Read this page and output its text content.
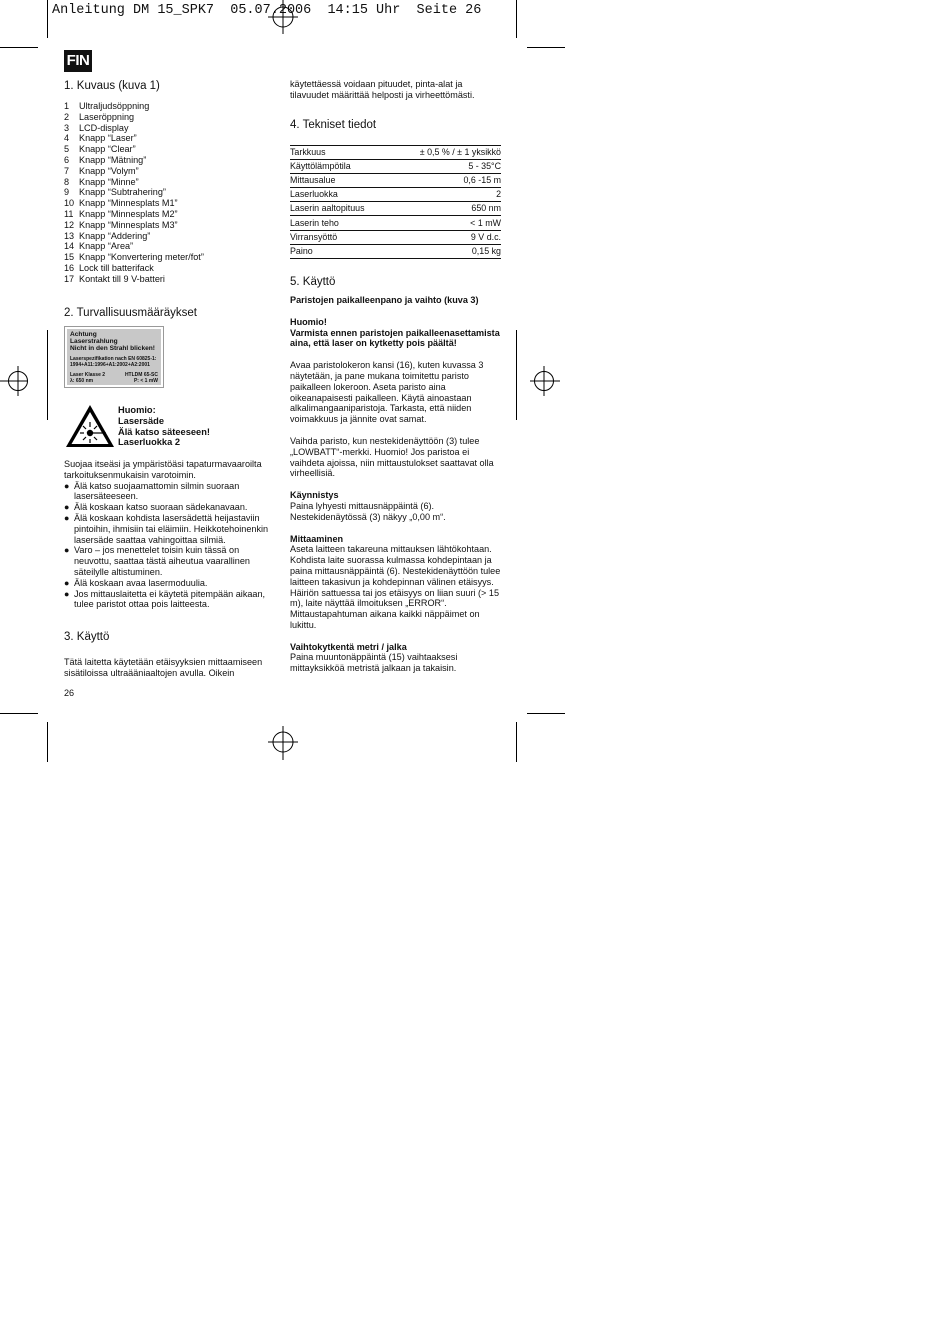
Anleitung DM 15_SPK7  05.07.2006  14:15 Uhr  Seite 26
FIN
1. Kuvaus (kuva 1)
1	Ultraljudsöppning
2	Laseröppning
3	LCD-display
4	Knapp “Laser”
5	Knapp “Clear”
6	Knapp “Mätning”
7	Knapp “Volym”
8	Knapp “Minne”
9	Knapp “Subtrahering”
10 Knapp “Minnesplats M1”
11 Knapp “Minnesplats M2”
12 Knapp “Minnesplats M3”
13 Knapp “Addering”
14 Knapp “Area”
15 Knapp “Konvertering meter/fot”
16 Lock till batterifack
17 Kontakt till 9 V-batteri
2. Turvallisuusmääräykset
Achtung
Laserstrahlung
Nicht in den Strahl blicken!
Laserspezifikation nach EN 60825-1:
1994+A11:1996+A1:2002+A2:2001
Laser Klasse 2	HTLDM 65-SC
λ: 650 nm	P: < 1 mW
Huomio:
Lasersäde
Älä katso säteeseen!
Laserluokka 2

Suojaa itseäsi ja ympäristöäsi tapaturmavaaroilta tarkoituksenmukaisin varotoimin.

● Älä katso suojaamattomin silmin suoraan lasersäteeseen.
● Älä koskaan katso suoraan sädekanavaan.
● Älä koskaan kohdista lasersädettä heijastaviin pintoihin, ihmisiin tai eläimiin. Heikkotehoinenkin lasersäde saattaa vahingoittaa silmiä.
● Varo – jos menettelet toisin kuin tässä on neuvottu, saattaa tästä aiheutua vaarallinen säteilylle altistuminen.
● Älä koskaan avaa lasermoduulia.
● Jos mittauslaitetta ei käytetä pitempään aikaan, tulee paristot ottaa pois laitteesta.
3. Käyttö

Tätä laitetta käytetään etäisyyksien mittaamiseen sisätiloissa ultraääniaaltojen avulla. Oikein

26

käytettäessä voidaan pituudet, pinta-alat ja tilavuudet määrittää helposti ja virheettömästi.

4. Tekniset tiedot
Tarkkuus	± 0,5 % / ± 1 yksikkö
Käyttölämpötila	5 - 35°C
Mittausalue	0,6 -15 m
Laserluokka	2
Laserin aaltopituus	650 nm
Laserin teho	< 1 mW
Virransyöttö	9 V d.c.
Paino	0,15 kg
5. Käyttö

Paristojen paikalleenpano ja vaihto (kuva 3)

Huomio!

Varmista ennen paristojen paikalleenasettamista aina, että laser on kytketty pois päältä!

Avaa paristolokeron kansi (16), kuten kuvassa 3 näytetään, ja pane mukana toimitettu paristo paikalleen lokeroon. Aseta paristo aina oikeanapaisesti paikalleen. Käytä ainoastaan alkalimangaaniparistoja. Tarkasta, että niiden voimakkuus ja jännite ovat samat.

Vaihda paristo, kun nestekidenäyttöön (3) tulee „LOWBATT“-merkki. Huomio! Jos paristoa ei vaihdeta ajoissa, niin mittaustulokset saattavat olla virheellisiä.

Käynnistys

Paina lyhyesti mittausnäppäintä (6). Nestekidenäytössä (3) näkyy „0,00 m“.

Mittaaminen

Aseta laitteen takareuna mittauksen lähtökohtaan. Kohdista laite suorassa kulmassa kohdepintaan ja paina mittausnäppäintä (6). Nestekidenäyttöön tulee laitteen takasivun ja kohdepinnan välinen etäisyys. Häiriön sattuessa tai jos etäisyys on liian suuri (> 15 m), laite näyttää ilmoituksen „ERROR“. Mittaustapahtuman aikana kaikki näppäimet on lukittu.

Vaihtokytkentä metri / jalka

Paina muuntonäppäintä (15) vaihtaaksesi mittayksikköä metristä jalkaan ja takaisin.
